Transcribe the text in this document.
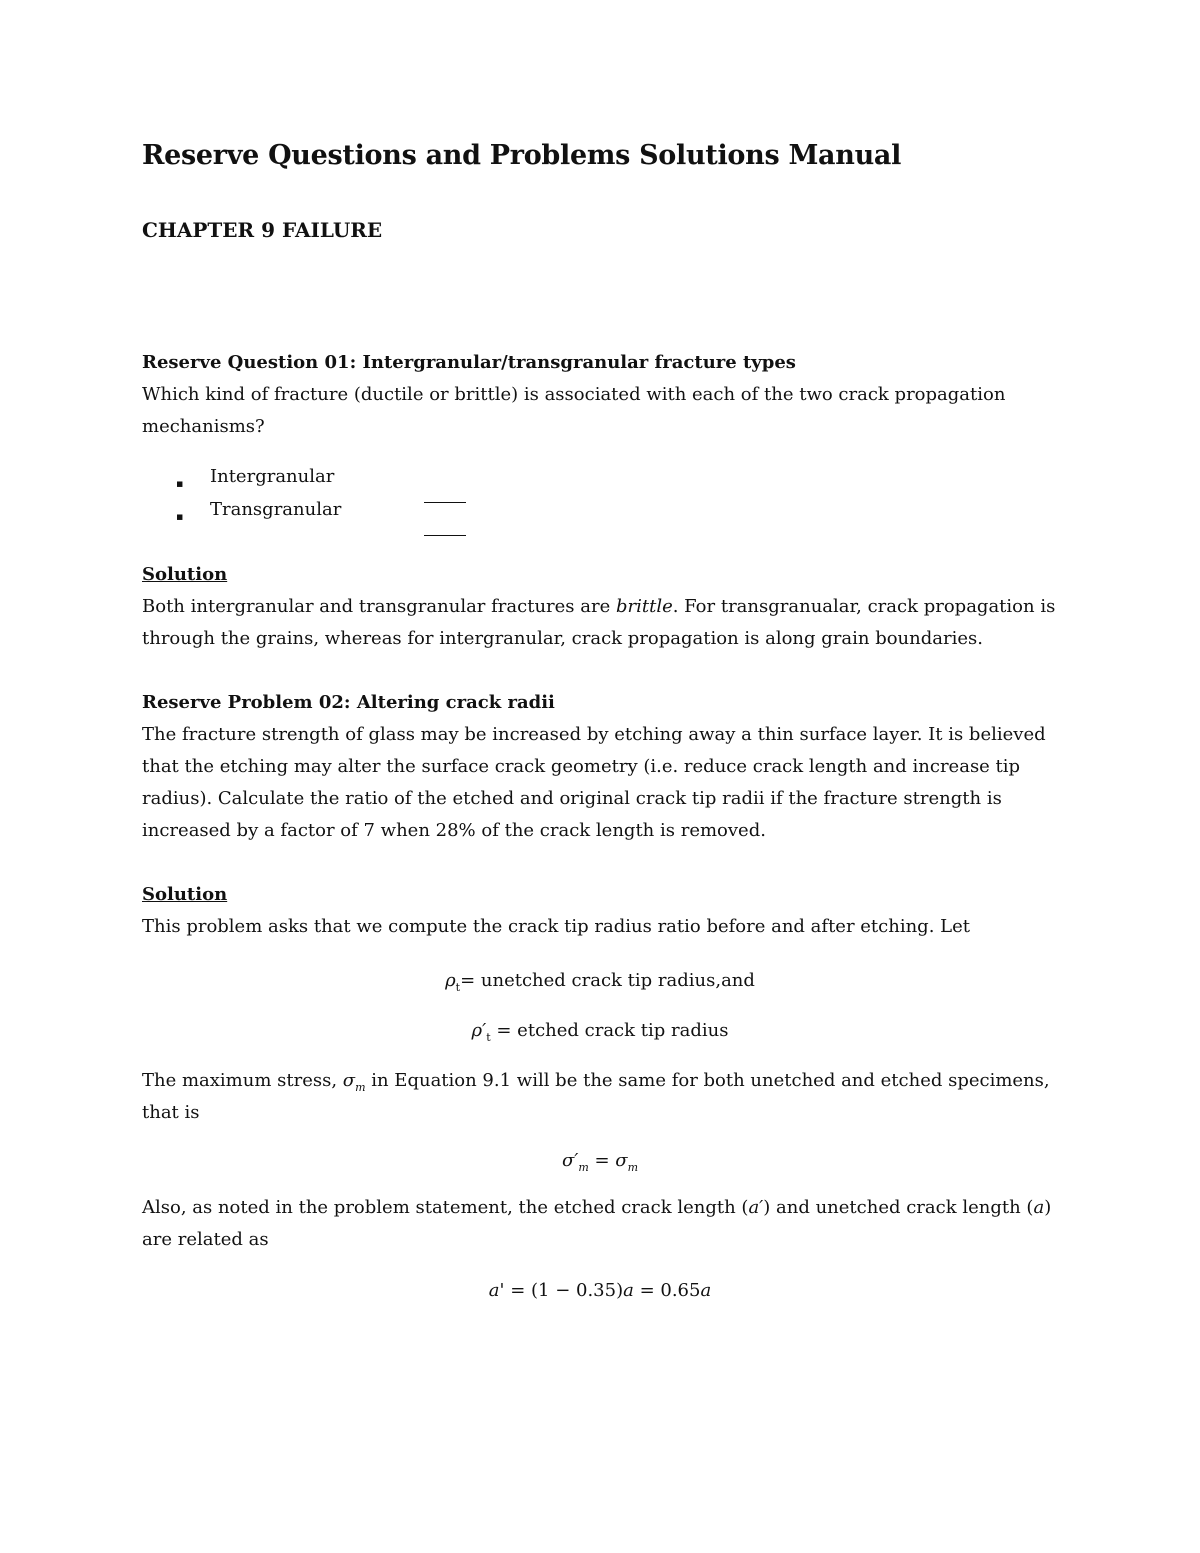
Reserve Questions and Problems Solutions Manual
CHAPTER 9 FAILURE
Reserve Question 01: Intergranular/transgranular fracture types
Which kind of fracture (ductile or brittle) is associated with each of the two crack propagation
mechanisms?
▪ Intergranular
▪ Transgranular
Solution
Both intergranular and transgranular fractures are brittle. For transgranualar, crack propagation is
through the grains, whereas for intergranular, crack propagation is along grain boundaries.
Reserve Problem 02: Altering crack radii
The fracture strength of glass may be increased by etching away a thin surface layer. It is believed
that the etching may alter the surface crack geometry (i.e. reduce crack length and increase tip
radius). Calculate the ratio of the etched and original crack tip radii if the fracture strength is
increased by a factor of 7 when 28% of the crack length is removed.
Solution
This problem asks that we compute the crack tip radius ratio before and after etching. Let
$\rho_t=$ unetched crack tip radius,and
$\rho'_t$ = etched crack tip radius
The maximum stress, $\sigma_m$ in Equation 9.1 will be the same for both unetched and etched specimens,
that is
$\sigma'_m = \sigma_m$
Also, as noted in the problem statement, the etched crack length (a′) and unetched crack length (a)
are related as
a' = (1 − 0.35)a = 0.65a
